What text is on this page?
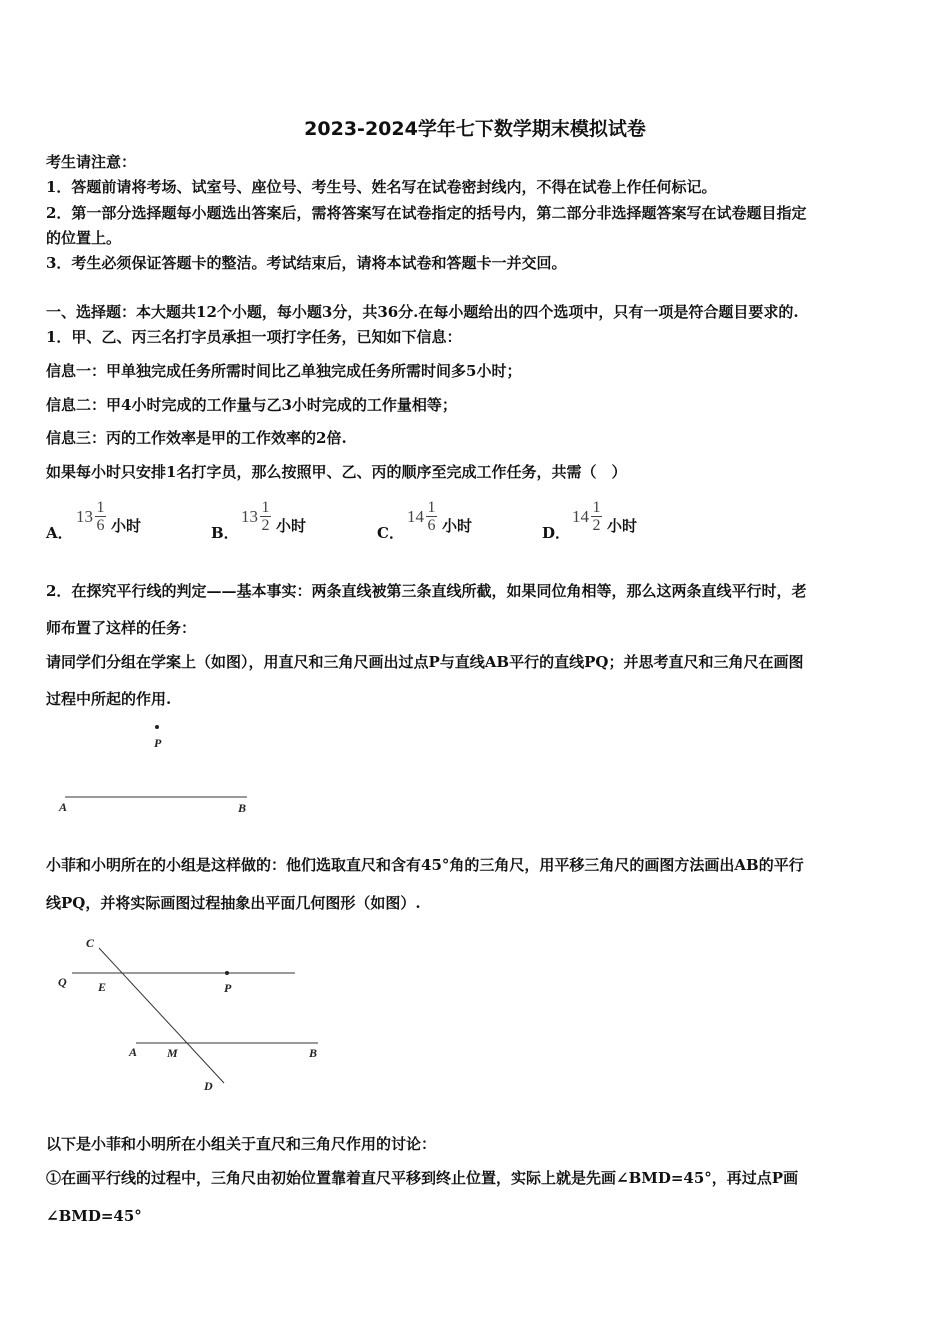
2023-2024学年七下数学期末模拟试卷
考生请注意：
1．答题前请将考场、试室号、座位号、考生号、姓名写在试卷密封线内，不得在试卷上作任何标记。
2．第一部分选择题每小题选出答案后，需将答案写在试卷指定的括号内，第二部分非选择题答案写在试卷题目指定
的位置上。
3．考生必须保证答题卡的整洁。考试结束后，请将本试卷和答题卡一并交回。
一、选择题：本大题共12个小题，每小题3分，共36分.在每小题给出的四个选项中，只有一项是符合题目要求的.
1．甲、乙、丙三名打字员承担一项打字任务，已知如下信息：
信息一：甲单独完成任务所需时间比乙单独完成任务所需时间多5小时；
信息二：甲4小时完成的工作量与乙3小时完成的工作量相等；
信息三：丙的工作效率是甲的工作效率的2倍.
如果每小时只安排1名打字员，那么按照甲、乙、丙的顺序至完成工作任务，共需（　）
A．
$13 \frac{1}{6}$ 小时	B．
$13 \frac{1}{2}$ 小时	C．
$14 \frac{1}{6}$ 小时	D．
$14 \frac{1}{2}$ 小时
2．在探究平行线的判定——基本事实：两条直线被第三条直线所截，如果同位角相等，那么这两条直线平行时，老
师布置了这样的任务：
请同学们分组在学案上（如图），用直尺和三角尺画出过点P与直线AB平行的直线PQ；并思考直尺和三角尺在画图
过程中所起的作用.
P
A	B
小菲和小明所在的小组是这样做的：他们选取直尺和含有45°角的三角尺，用平移三角尺的画图方法画出AB的平行
线PQ，并将实际画图过程抽象出平面几何图形（如图）.
C
Q	E	P
A M	B
D
以下是小菲和小明所在小组关于直尺和三角尺作用的讨论：
①在画平行线的过程中，三角尺由初始位置靠着直尺平移到终止位置，实际上就是先画∠BMD=45°，再过点P画
∠BMD=45°
